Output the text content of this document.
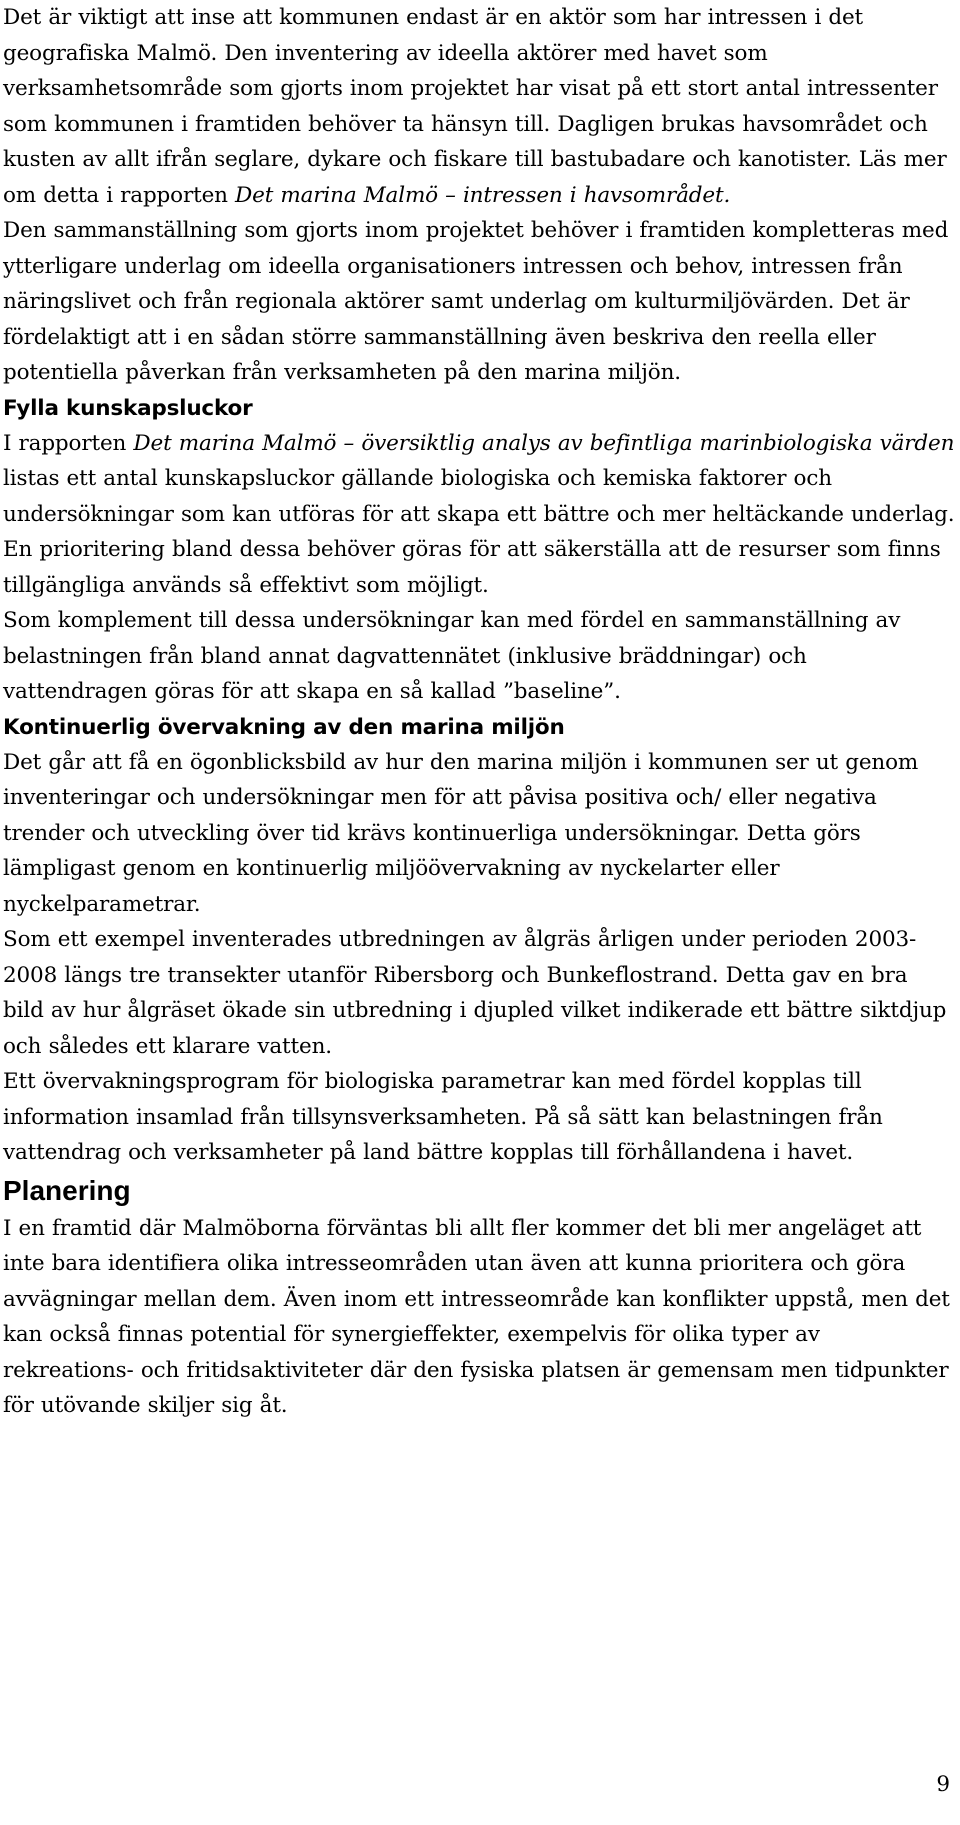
Det är viktigt att inse att kommunen endast är en aktör som har intressen i det geografiska Malmö. Den inventering av ideella aktörer med havet som verksamhetsområde som gjorts inom projektet har visat på ett stort antal intressenter som kommunen i framtiden behöver ta hänsyn till. Dagligen brukas havsområdet och kusten av allt ifrån seglare, dykare och fiskare till bastubadare och kanotister. Läs mer om detta i rapporten Det marina Malmö – intressen i havsområdet.

Den sammanställning som gjorts inom projektet behöver i framtiden kompletteras med ytterligare underlag om ideella organisationers intressen och behov, intressen från näringslivet och från regionala aktörer samt underlag om kulturmiljövärden. Det är fördelaktigt att i en sådan större sammanställning även beskriva den reella eller potentiella påverkan från verksamheten på den marina miljön.

Fylla kunskapsluckor

I rapporten Det marina Malmö – översiktlig analys av befintliga marinbiologiska värden listas ett antal kunskapsluckor gällande biologiska och kemiska faktorer och undersökningar som kan utföras för att skapa ett bättre och mer heltäckande underlag. En prioritering bland dessa behöver göras för att säkerställa att de resurser som finns tillgängliga används så effektivt som möjligt.

Som komplement till dessa undersökningar kan med fördel en sammanställning av belastningen från bland annat dagvattennätet (inklusive bräddningar) och vattendragen göras för att skapa en så kallad ”baseline”.

Kontinuerlig övervakning av den marina miljön

Det går att få en ögonblicksbild av hur den marina miljön i kommunen ser ut genom inventeringar och undersökningar men för att påvisa positiva och/ eller negativa trender och utveckling över tid krävs kontinuerliga undersökningar. Detta görs lämpligast genom en kontinuerlig miljöövervakning av nyckelarter eller nyckelparametrar.

Som ett exempel inventerades utbredningen av ålgräs årligen under perioden 2003-2008 längs tre transekter utanför Ribersborg och Bunkeflostrand. Detta gav en bra bild av hur ålgräset ökade sin utbredning i djupled vilket indikerade ett bättre siktdjup och således ett klarare vatten.

Ett övervakningsprogram för biologiska parametrar kan med fördel kopplas till information insamlad från tillsynsverksamheten. På så sätt kan belastningen från vattendrag och verksamheter på land bättre kopplas till förhållandena i havet.

Planering

I en framtid där Malmöborna förväntas bli allt fler kommer det bli mer angeläget att inte bara identifiera olika intresseområden utan även att kunna prioritera och göra avvägningar mellan dem. Även inom ett intresseområde kan konflikter uppstå, men det kan också finnas potential för synergieffekter, exempelvis för olika typer av rekreations- och fritidsaktiviteter där den fysiska platsen är gemensam men tidpunkter för utövande skiljer sig åt.

9
